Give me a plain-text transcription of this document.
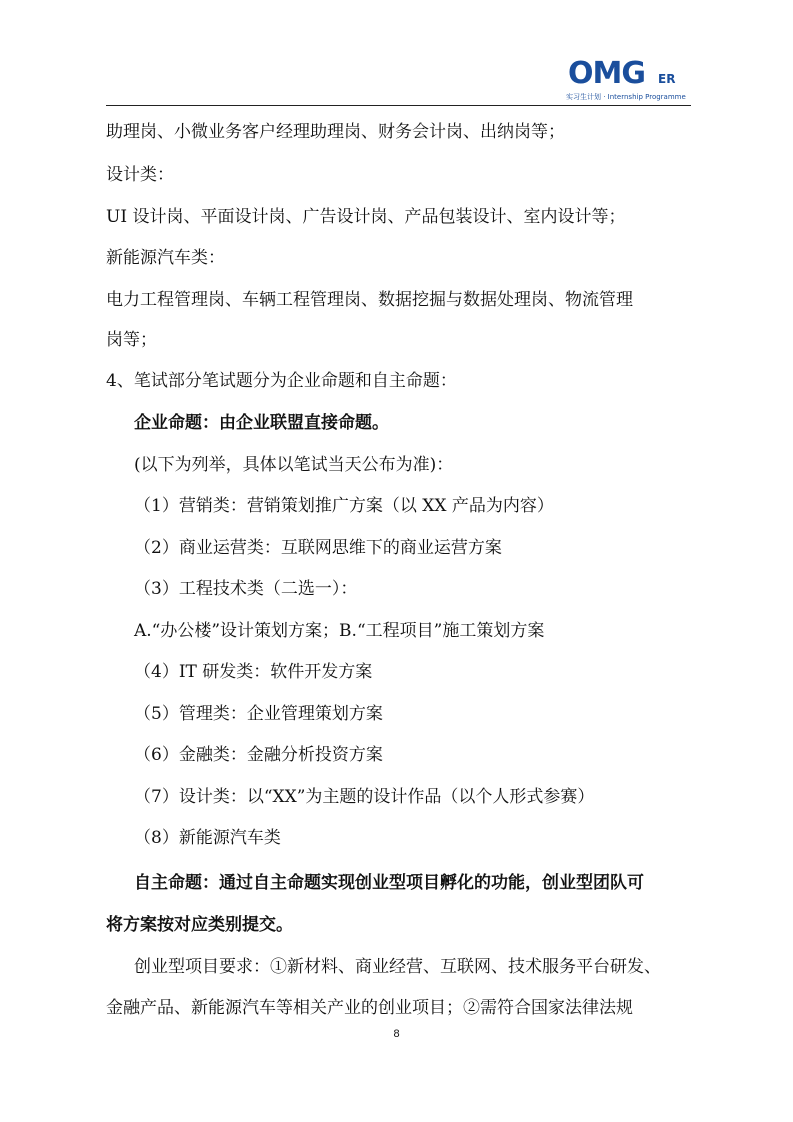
OMG ER
实习生计划 · Internship Programme
助理岗、小微业务客户经理助理岗、财务会计岗、出纳岗等；
设计类：
UI 设计岗、平面设计岗、广告设计岗、产品包装设计、室内设计等；
新能源汽车类：
电力工程管理岗、车辆工程管理岗、数据挖掘与数据处理岗、物流管理
岗等；
4、笔试部分笔试题分为企业命题和自主命题：
企业命题：由企业联盟直接命题。
(以下为列举，具体以笔试当天公布为准)：
（1）营销类：营销策划推广方案（以 XX 产品为内容）
（2）商业运营类：互联网思维下的商业运营方案
（3）工程技术类（二选一）：
A.“办公楼”设计策划方案；B.“工程项目”施工策划方案
（4）IT 研发类：软件开发方案
（5）管理类：企业管理策划方案
（6）金融类：金融分析投资方案
（7）设计类：以“XX”为主题的设计作品（以个人形式参赛）
（8）新能源汽车类
自主命题：通过自主命题实现创业型项目孵化的功能，创业型团队可
将方案按对应类别提交。
创业型项目要求：①新材料、商业经营、互联网、技术服务平台研发、
金融产品、新能源汽车等相关产业的创业项目；②需符合国家法律法规
8
